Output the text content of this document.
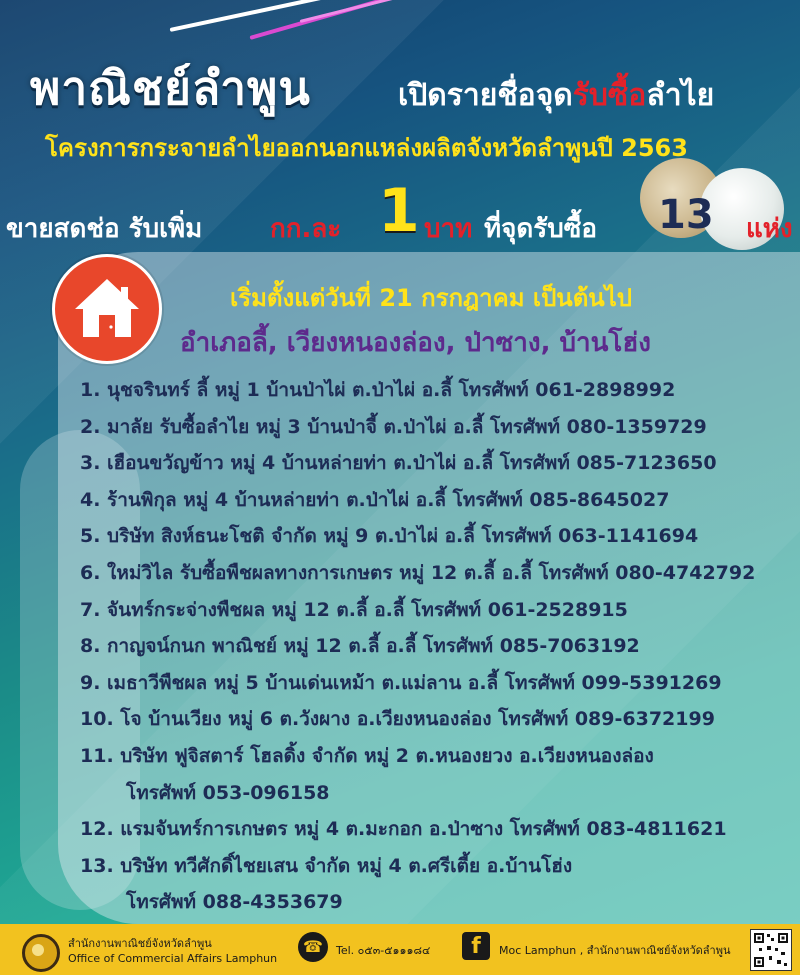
พาณิชย์ลำพูน	เปิดรายชื่อจุดรับซื้อลำไย
โครงการกระจายลำไยออกนอกแหล่งผลิตจังหวัดลำพูนปี 2563
ขายสดช่อ รับเพิ่ม	กก.ละ 1 บาท ที่จุดรับซื้อ 13 แห่ง
เริ่มตั้งแต่วันที่ 21 กรกฎาคม เป็นต้นไป
อำเภอลี้, เวียงหนองล่อง, ป่าซาง, บ้านโฮ่ง
1. นุชจรินทร์ ลี้ หมู่ 1 บ้านป่าไผ่ ต.ป่าไผ่ อ.ลี้ โทรศัพท์ 061-2898992
2. มาลัย รับซื้อลำไย หมู่ 3 บ้านป่าจี้ ต.ป่าไผ่ อ.ลี้ โทรศัพท์ 080-1359729
3. เฮือนขวัญข้าว หมู่ 4 บ้านหล่ายท่า ต.ป่าไผ่ อ.ลี้ โทรศัพท์ 085-7123650
4. ร้านพิกุล หมู่ 4 บ้านหล่ายท่า ต.ป่าไผ่ อ.ลี้ โทรศัพท์ 085-8645027
5. บริษัท สิงห์ธนะโชติ จำกัด หมู่ 9 ต.ป่าไผ่ อ.ลี้ โทรศัพท์ 063-1141694
6. ใหม่วิไล รับซื้อพืชผลทางการเกษตร หมู่ 12 ต.ลี้ อ.ลี้ โทรศัพท์ 080-4742792
7. จันทร์กระจ่างพืชผล หมู่ 12 ต.ลี้ อ.ลี้ โทรศัพท์ 061-2528915
8. กาญจน์กนก พาณิชย์ หมู่ 12 ต.ลี้ อ.ลี้ โทรศัพท์ 085-7063192
9. เมธาวีพืชผล หมู่ 5 บ้านเด่นเหม้า ต.แม่ลาน อ.ลี้ โทรศัพท์ 099-5391269
10. โจ บ้านเวียง หมู่ 6 ต.วังผาง อ.เวียงหนองล่อง โทรศัพท์ 089-6372199
11. บริษัท ฟูจิสตาร์ โฮลดิ้ง จำกัด หมู่ 2 ต.หนองยวง อ.เวียงหนองล่อง
โทรศัพท์ 053-096158
12. แรมจันทร์การเกษตร หมู่ 4 ต.มะกอก อ.ป่าซาง โทรศัพท์ 083-4811621
13. บริษัท ทวีศักดิ์ไชยเสน จำกัด หมู่ 4 ต.ศรีเตี้ย อ.บ้านโฮ่ง
โทรศัพท์ 088-4353679
สำนักงานพาณิชย์จังหวัดลำพูน
Office of Commercial Affairs Lamphun
☎	Tel. ๐๕๓-๕๑๑๑๘๔	f	Moc Lamphun , สำนักงานพาณิชย์จังหวัดลำพูน
